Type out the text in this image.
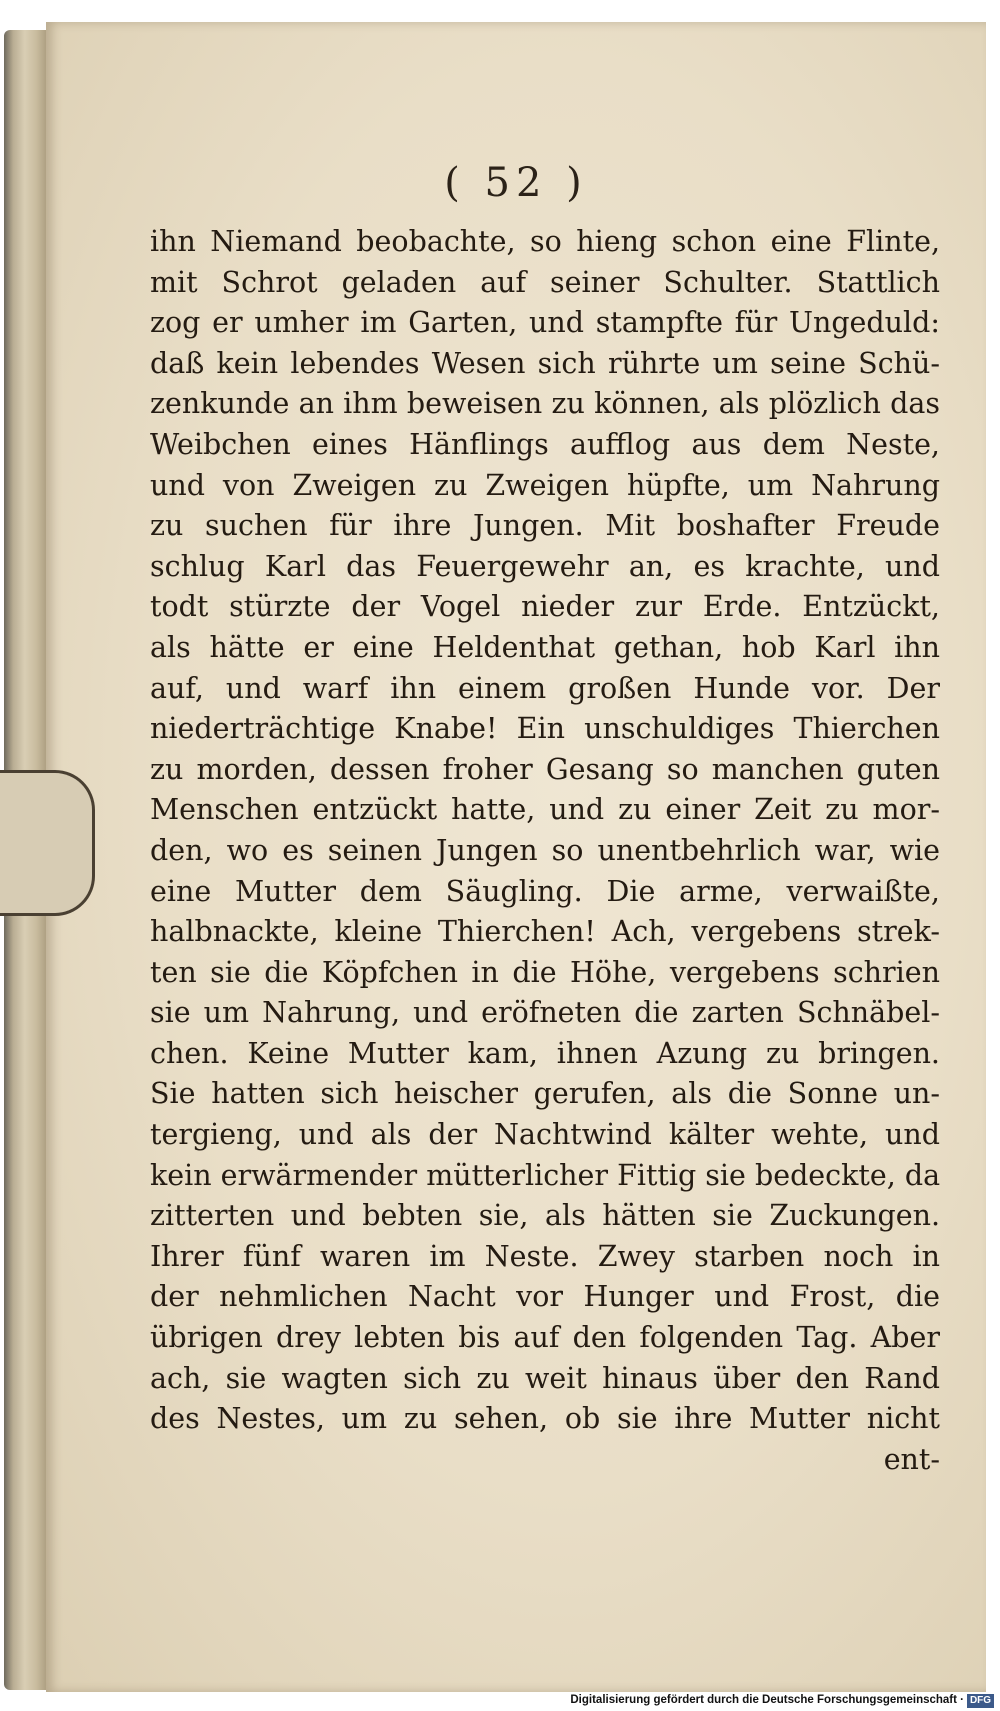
( 52 )
ihn Niemand beobachte, so hieng schon eine Flinte,
mit Schrot geladen auf seiner Schulter. Stattlich
zog er umher im Garten, und stampfte für Ungeduld:
daß kein lebendes Wesen sich rührte um seine Schü-
zenkunde an ihm beweisen zu können, als plözlich das
Weibchen eines Hänflings aufflog aus dem Neste,
und von Zweigen zu Zweigen hüpfte, um Nahrung
zu suchen für ihre Jungen. Mit boshafter Freude
schlug Karl das Feuergewehr an, es krachte, und
todt stürzte der Vogel nieder zur Erde. Entzückt,
als hätte er eine Heldenthat gethan, hob Karl ihn
auf, und warf ihn einem großen Hunde vor. Der
niederträchtige Knabe! Ein unschuldiges Thierchen
zu morden, dessen froher Gesang so manchen guten
Menschen entzückt hatte, und zu einer Zeit zu mor-
den, wo es seinen Jungen so unentbehrlich war, wie
eine Mutter dem Säugling. Die arme, verwaißte,
halbnackte, kleine Thierchen! Ach, vergebens strek-
ten sie die Köpfchen in die Höhe, vergebens schrien
sie um Nahrung, und eröfneten die zarten Schnäbel-
chen. Keine Mutter kam, ihnen Azung zu bringen.
Sie hatten sich heischer gerufen, als die Sonne un-
tergieng, und als der Nachtwind kälter wehte, und
kein erwärmender mütterlicher Fittig sie bedeckte, da
zitterten und bebten sie, als hätten sie Zuckungen.
Ihrer fünf waren im Neste. Zwey starben noch in
der nehmlichen Nacht vor Hunger und Frost, die
übrigen drey lebten bis auf den folgenden Tag. Aber
ach, sie wagten sich zu weit hinaus über den Rand
des Nestes, um zu sehen, ob sie ihre Mutter nicht
ent-
Digitalisierung gefördert durch die Deutsche Forschungsgemeinschaft · DFG
